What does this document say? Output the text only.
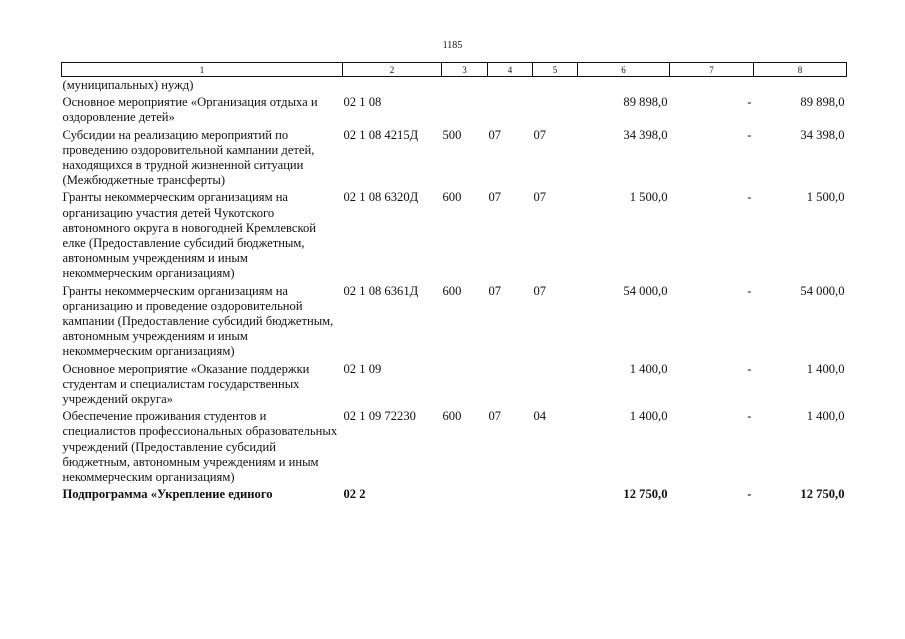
1185
1	2	3	4	5	6	7	8
(муниципальных) нужд)							
Основное мероприятие «Организация отдыха и оздоровление детей»	02 1 08				89 898,0	-	89 898,0
Субсидии на реализацию мероприятий по проведению оздоровительной кампании детей, находящихся в трудной жизненной ситуации (Межбюджетные трансферты)	02 1 08 4215Д	500	07	07	34 398,0	-	34 398,0
Гранты некоммерческим организациям на организацию участия детей Чукотского автономного округа в новогодней Кремлевской елке (Предоставление субсидий бюджетным, автономным учреждениям и иным некоммерческим организациям)	02 1 08 6320Д	600	07	07	1 500,0	-	1 500,0
Гранты некоммерческим организациям на организацию и проведение оздоровительной кампании (Предоставление субсидий бюджетным, автономным учреждениям и иным некоммерческим организациям)	02 1 08 6361Д	600	07	07	54 000,0	-	54 000,0
Основное мероприятие «Оказание поддержки студентам и специалистам государственных учреждений округа»	02 1 09				1 400,0	-	1 400,0
Обеспечение проживания студентов и специалистов профессиональных образовательных учреждений (Предоставление субсидий бюджетным, автономным учреждениям и иным некоммерческим организациям)	02 1 09 72230	600	07	04	1 400,0	-	1 400,0
Подпрограмма «Укрепление единого	02 2				12 750,0	-	12 750,0
